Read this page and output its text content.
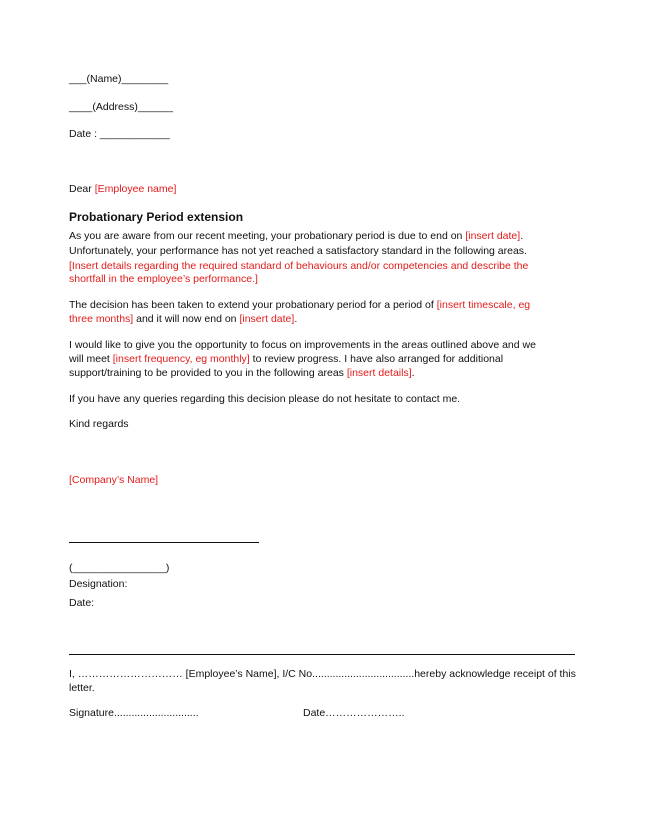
___(Name)________
____(Address)______
Date : ____________
Dear [Employee name]
Probationary Period extension
As you are aware from our recent meeting, your probationary period is due to end on [insert date].
Unfortunately, your performance has not yet reached a satisfactory standard in the following areas.
[Insert details regarding the required standard of behaviours and/or competencies and describe the
shortfall in the employee’s performance.]
The decision has been taken to extend your probationary period for a period of [insert timescale, eg
three months] and it will now end on [insert date].
I would like to give you the opportunity to focus on improvements in the areas outlined above and we
will meet [insert frequency, eg monthly] to review progress. I have also arranged for additional
support/training to be provided to you in the following areas [insert details].
If you have any queries regarding this decision please do not hesitate to contact me.
Kind regards
[Company’s Name]
(________________)
Designation:
Date:
I, ………………………… [Employee’s Name], I/C No...................................hereby acknowledge receipt of this
letter.
Signature.............................	Date…………………..
